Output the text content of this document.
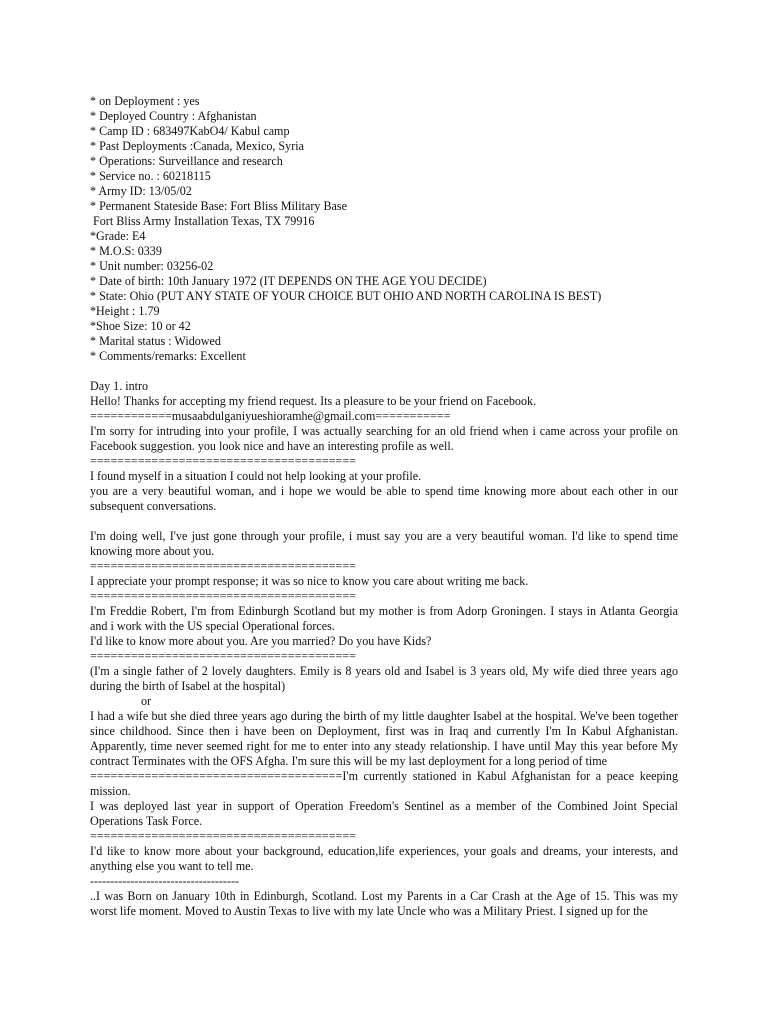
* on Deployment : yes
* Deployed Country : Afghanistan
* Camp ID : 683497KabO4/ Kabul camp
* Past Deployments :Canada, Mexico, Syria
* Operations: Surveillance and research
* Service no. : 60218115
* Army ID: 13/05/02
* Permanent Stateside Base: Fort Bliss Military Base
Fort Bliss Army Installation Texas, TX 79916
*Grade: E4
* M.O.S: 0339
* Unit number: 03256-02
* Date of birth: 10th January 1972 (IT DEPENDS ON THE AGE YOU DECIDE)
* State: Ohio (PUT ANY STATE OF YOUR CHOICE BUT OHIO AND NORTH CAROLINA IS BEST)
*Height : 1.79
*Shoe Size: 10 or 42
* Marital status : Widowed
* Comments/remarks: Excellent
Day 1. intro

Hello! Thanks for accepting my friend request. Its a pleasure to be your friend on Facebook.

============musaabdulganiyueshioramhe@gmail.com===========

I'm sorry for intruding into your profile, I was actually searching for an old friend when i came across your profile on Facebook suggestion. you look nice and have an interesting profile as well.

=======================================

I found myself in a situation I could not help looking at your profile.

you are a very beautiful woman, and i hope we would be able to spend time knowing more about each other in our subsequent conversations.

I'm doing well, I've just gone through your profile, i must say you are a very beautiful woman. I'd like to spend time knowing more about you.

=======================================

I appreciate your prompt response; it was so nice to know you care about writing me back.

=======================================

I'm Freddie Robert, I'm from Edinburgh Scotland but my mother is from Adorp Groningen. I stays in Atlanta Georgia and i work with the US special Operational forces.

I'd like to know more about you. Are you married? Do you have Kids?

=======================================

(I'm a single father of 2 lovely daughters. Emily is 8 years old and Isabel is 3 years old, My wife died three years ago during the birth of Isabel at the hospital)

or

I had a wife but she died three years ago during the birth of my little daughter Isabel at the hospital. We've been together since childhood. Since then i have been on Deployment, first was in Iraq and currently I'm In Kabul Afghanistan. Apparently, time never seemed right for me to enter into any steady relationship. I have until May this year before My contract Terminates with the OFS Afgha. I'm sure this will be my last deployment for a long period of time

=====================================I'm currently stationed in Kabul Afghanistan for a peace keeping mission.

I was deployed last year in support of Operation Freedom's Sentinel as a member of the Combined Joint Special Operations Task Force.

=======================================

I'd like to know more about your background, education,life experiences, your goals and dreams, your interests, and anything else you want to tell me.

-------------------------------------

..I was Born on January 10th in Edinburgh, Scotland. Lost my Parents in a Car Crash at the Age of 15. This was my worst life moment. Moved to Austin Texas to live with my late Uncle who was a Military Priest. I signed up for the
